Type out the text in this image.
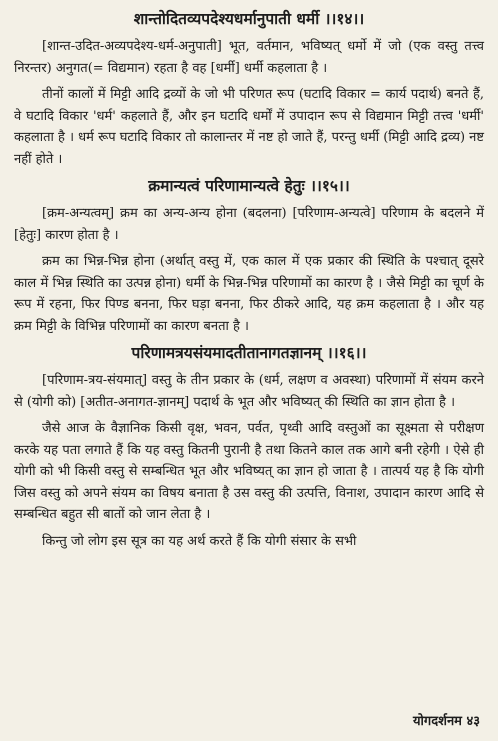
शान्तोदितव्यपदेश्यधर्मानुपाती धर्मी ।।१४।।

[शान्त-उदित-अव्यपदेश्य-धर्म-अनुपाती] भूत, वर्तमान, भविष्यत् धर्मो में जो (एक वस्तु तत्त्व निरन्तर) अनुगत(= विद्यमान) रहता है वह [धर्मी] धर्मी कहलाता है ।

तीनों कालों में मिट्टी आदि द्रव्यों के जो भी परिणत रूप (घटादि विकार = कार्य पदार्थ) बनते हैं, वे घटादि विकार 'धर्म' कहलाते हैं, और इन घटादि धर्मों में उपादान रूप से विद्यमान मिट्टी तत्त्व 'धर्मी' कहलाता है । धर्म रूप घटादि विकार तो कालान्तर में नष्ट हो जाते हैं, परन्तु धर्मी (मिट्टी आदि द्रव्य) नष्ट नहीं होते ।

क्रमान्यत्वं परिणामान्यत्वे हेतुः ।।१५।।

[क्रम-अन्यत्वम्] क्रम का अन्य-अन्य होना (बदलना) [परिणाम-अन्यत्वे] परिणाम के बदलने में [हेतुः] कारण होता है ।

क्रम का भिन्न-भिन्न होना (अर्थात् वस्तु में, एक काल में एक प्रकार की स्थिति के पश्चात् दूसरे काल में भिन्न स्थिति का उत्पन्न होना) धर्मी के भिन्न-भिन्न परिणामों का कारण है । जैसे मिट्टी का चूर्ण के रूप में रहना, फिर पिण्ड बनना, फिर घड़ा बनना, फिर ठीकरे आदि, यह क्रम कहलाता है । और यह क्रम मिट्टी के विभिन्न परिणामों का कारण बनता है ।

परिणामत्रयसंयमादतीतानागतज्ञानम् ।।१६।।

[परिणाम-त्रय-संयमात्] वस्तु के तीन प्रकार के (धर्म, लक्षण व अवस्था) परिणामों में संयम करने से (योगी को) [अतीत-अनागत-ज्ञानम्] पदार्थ के भूत और भविष्यत् की स्थिति का ज्ञान होता है ।

जैसे आज के वैज्ञानिक किसी वृक्ष, भवन, पर्वत, पृथ्वी आदि वस्तुओं का सूक्ष्मता से परीक्षण करके यह पता लगाते हैं कि यह वस्तु कितनी पुरानी है तथा कितने काल तक आगे बनी रहेगी । ऐसे ही योगी को भी किसी वस्तु से सम्बन्धित भूत और भविष्यत् का ज्ञान हो जाता है । तात्पर्य यह है कि योगी जिस वस्तु को अपने संयम का विषय बनाता है उस वस्तु की उत्पत्ति, विनाश, उपादान कारण आदि से सम्बन्धित बहुत सी बातों को जान लेता है ।

किन्तु जो लोग इस सूत्र का यह अर्थ करते हैं कि योगी संसार के सभी

योगदर्शनम ४३
